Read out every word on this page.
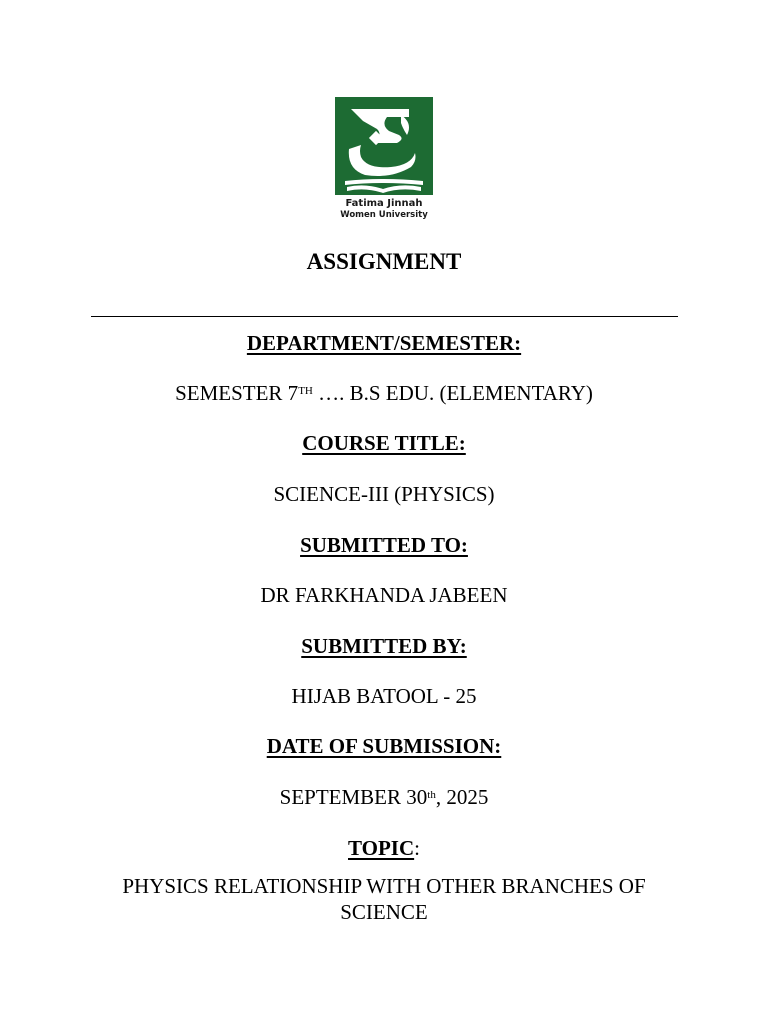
Fatima Jinnah
Women University
ASSIGNMENT
DEPARTMENT/SEMESTER:
SEMESTER 7TH …. B.S EDU. (ELEMENTARY)
COURSE TITLE:
SCIENCE-III (PHYSICS)
SUBMITTED TO:
DR FARKHANDA JABEEN
SUBMITTED BY:
HIJAB BATOOL - 25
DATE OF SUBMISSION:
SEPTEMBER 30th, 2025
TOPIC:
PHYSICS RELATIONSHIP WITH OTHER BRANCHES OF SCIENCE
